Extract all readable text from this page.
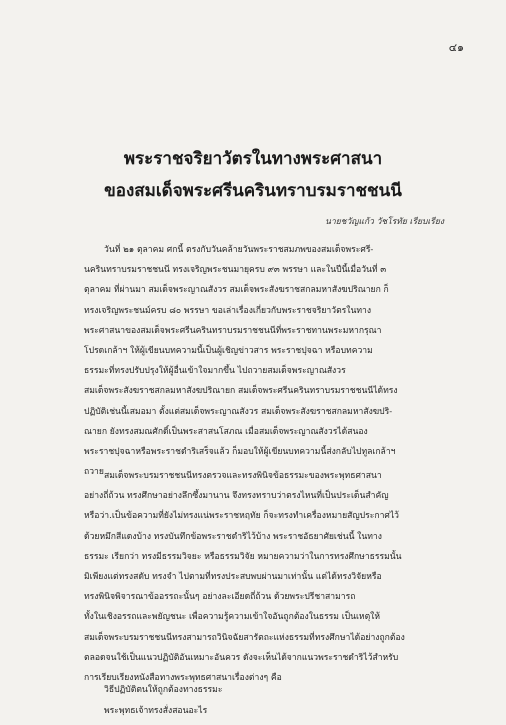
๔๑
พระราชจริยาวัตรในทางพระศาสนา
ของสมเด็จพระศรีนครินทราบรมราชชนนี
นายชวัญแก้ว วัชโรทัย เรียบเรียง
วันที่ ๒๑ ตุลาคม ศกนี้ ตรงกับวันคล้ายวันพระราชสมภพของสมเด็จพระศรี-
นครินทราบรมราชชนนี ทรงเจริญพระชนมายุครบ ๙๓ พรรษา และในปีนี้เมื่อวันที่ ๓
ตุลาคม ที่ผ่านมา สมเด็จพระญาณสังวร สมเด็จพระสังฆราชสกลมหาสังฆปริณายก ก็
ทรงเจริญพระชนม์ครบ ๘๐ พรรษา ขอเล่าเรื่องเกี่ยวกับพระราชจริยาวัตรในทาง
พระศาสนาของสมเด็จพระศรีนครินทราบรมราชชนนีที่พระราชทานพระมหากรุณา
โปรดเกล้าฯ ให้ผู้เขียนบทความนี้เป็นผู้เชิญข่าวสาร พระราชปุจฉา หรือบทความ
ธรรมะที่ทรงปรับปรุงให้ผู้อื่นเข้าใจมากขึ้น ไปถวายสมเด็จพระญาณสังวร
สมเด็จพระสังฆราชสกลมหาสังฆปริณายก สมเด็จพระศรีนครินทราบรมราชชนนีได้ทรง
ปฏิบัติเช่นนี้เสมอมา ตั้งแต่สมเด็จพระญาณสังวร สมเด็จพระสังฆราชสกลมหาสังฆปริ-
ณายก ยังทรงสมณศักดิ์เป็นพระสาสนโสภณ เมื่อสมเด็จพระญาณสังวรได้สนอง
พระราชปุจฉาหรือพระราชดำริเสร็จแล้ว ก็มอบให้ผู้เขียนบทความนี้ส่งกลับไปทูลเกล้าฯ
ถวาย สมเด็จพระบรมราชชนนีทรงตรวจและทรงพินิจข้อธรรมะของพระพุทธศาสนา
อย่างถี่ถ้วน ทรงศึกษาอย่างลึกซึ้งมานาน จึงทรงทราบว่าตรงไหนที่เป็นประเด็นสำคัญ
หรือว่า.เป็นข้อความที่ยังไม่ทรงแน่พระราชหฤทัย ก็จะทรงทำเครื่องหมายสัญประกาศไว้
ด้วยหมึกสีแดงบ้าง ทรงบันทึกข้อพระราชดำริไว้บ้าง พระราชอัธยาศัยเช่นนี้ ในทาง
ธรรมะ เรียกว่า ทรงมีธรรมวิจยะ หรือธรรมวิจัย หมายความว่าในการทรงศึกษาธรรมนั้น
มิเพียงแต่ทรงสดับ ทรงจำ ไปตามที่ทรงประสบพบผ่านมาเท่านั้น แต่ได้ทรงวิจัยหรือ
ทรงพินิจพิจารณาข้ออรรถะนั้นๆ อย่างละเอียดถี่ถ้วน ด้วยพระปรีชาสามารถ
ทั้งในเชิงอรรถและพยัญชนะ เพื่อความรู้ความเข้าใจอันถูกต้องในธรรม เป็นเหตุให้
สมเด็จพระบรมราชชนนีทรงสามารถวินิจฉัยสารัตถะแห่งธรรมที่ทรงศึกษาได้อย่างถูกต้อง
ตลอดจนใช้เป็นแนวปฏิบัติอันเหมาะอันควร ดังจะเห็นได้จากแนวพระราชดำริไว้สำหรับ
การเรียบเรียงหนังสือทางพระพุทธศาสนาเรื่องต่างๆ คือ
วิธีปฏิบัติตนให้ถูกต้องทางธรรมะ
พระพุทธเจ้าทรงสั่งสอนอะไร
